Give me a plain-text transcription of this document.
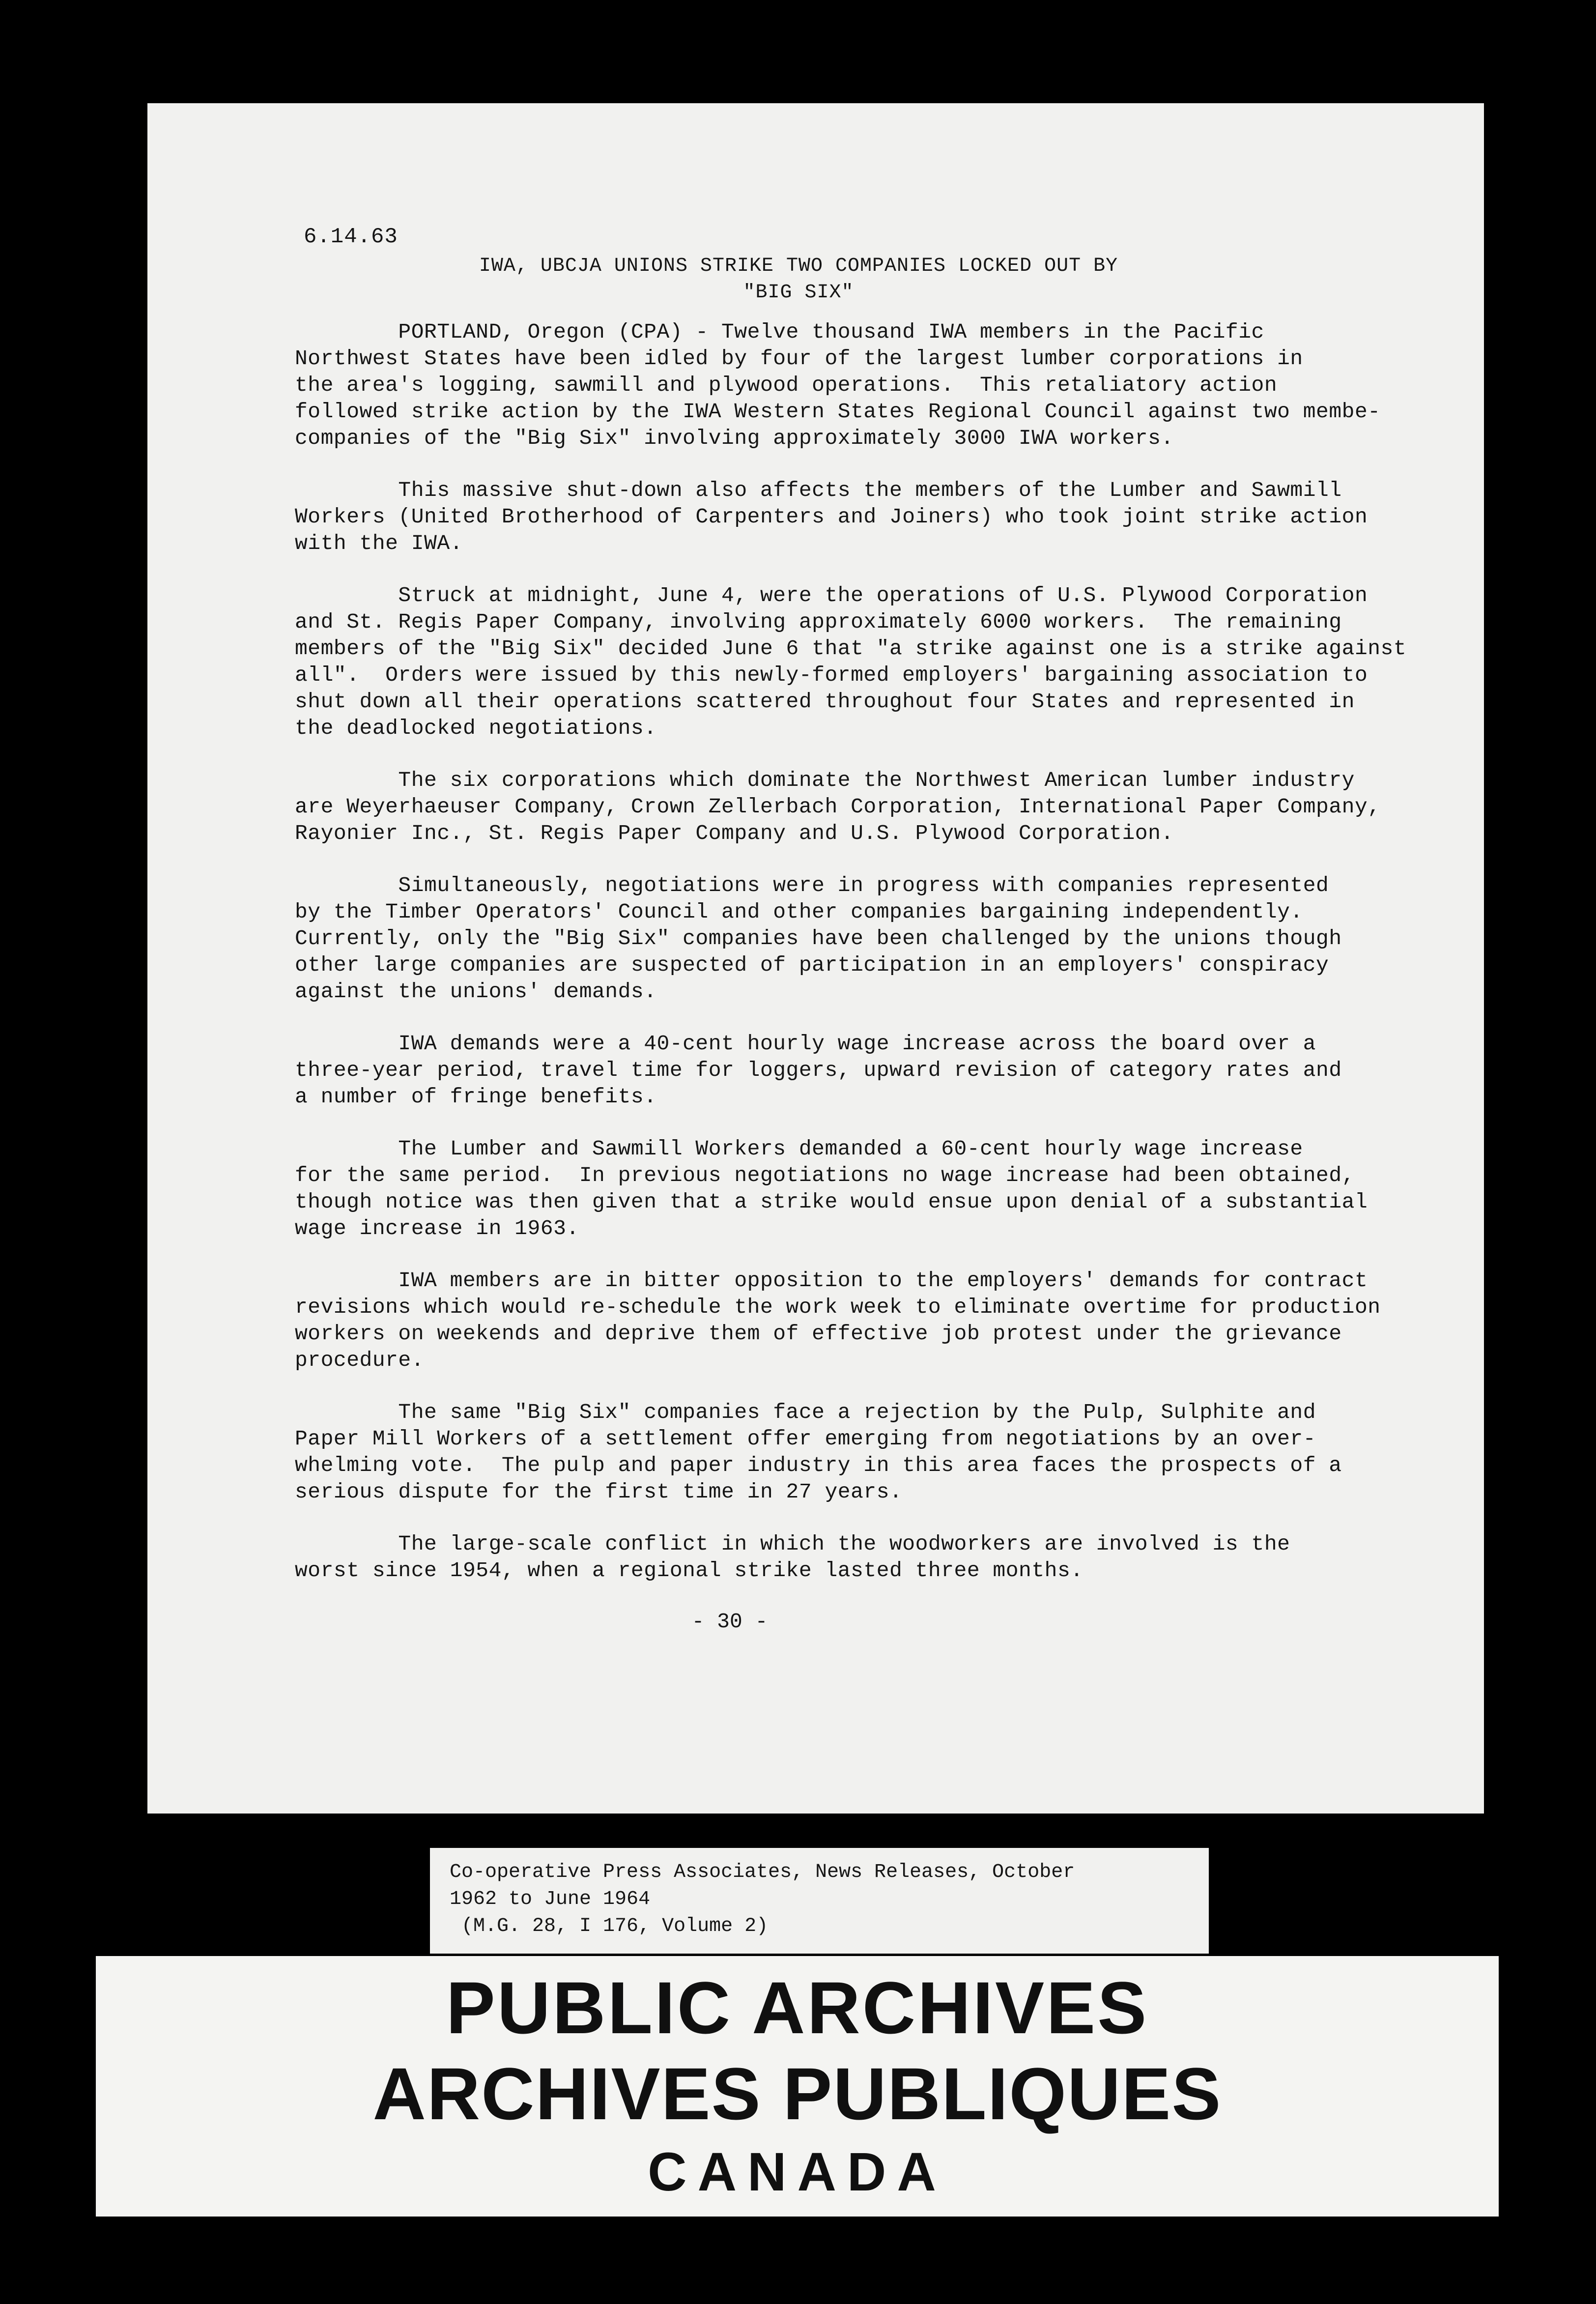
6.14.63
IWA, UBCJA UNIONS STRIKE TWO COMPANIES LOCKED OUT BY
"BIG SIX"

PORTLAND, Oregon (CPA) - Twelve thousand IWA members in the Pacific
Northwest States have been idled by four of the largest lumber corporations in
the area's logging, sawmill and plywood operations.  This retaliatory action
followed strike action by the IWA Western States Regional Council against two membe-
companies of the "Big Six" involving approximately 3000 IWA workers.

This massive shut-down also affects the members of the Lumber and Sawmill
Workers (United Brotherhood of Carpenters and Joiners) who took joint strike action
with the IWA.

Struck at midnight, June 4, were the operations of U.S. Plywood Corporation
and St. Regis Paper Company, involving approximately 6000 workers.  The remaining
members of the "Big Six" decided June 6 that "a strike against one is a strike against
all".  Orders were issued by this newly-formed employers' bargaining association to
shut down all their operations scattered throughout four States and represented in
the deadlocked negotiations.

The six corporations which dominate the Northwest American lumber industry
are Weyerhaeuser Company, Crown Zellerbach Corporation, International Paper Company,
Rayonier Inc., St. Regis Paper Company and U.S. Plywood Corporation.

Simultaneously, negotiations were in progress with companies represented
by the Timber Operators' Council and other companies bargaining independently.
Currently, only the "Big Six" companies have been challenged by the unions though
other large companies are suspected of participation in an employers' conspiracy
against the unions' demands.

IWA demands were a 40-cent hourly wage increase across the board over a
three-year period, travel time for loggers, upward revision of category rates and
a number of fringe benefits.

The Lumber and Sawmill Workers demanded a 60-cent hourly wage increase
for the same period.  In previous negotiations no wage increase had been obtained,
though notice was then given that a strike would ensue upon denial of a substantial
wage increase in 1963.

IWA members are in bitter opposition to the employers' demands for contract
revisions which would re-schedule the work week to eliminate overtime for production
workers on weekends and deprive them of effective job protest under the grievance
procedure.

The same "Big Six" companies face a rejection by the Pulp, Sulphite and
Paper Mill Workers of a settlement offer emerging from negotiations by an over-
whelming vote.  The pulp and paper industry in this area faces the prospects of a
serious dispute for the first time in 27 years.

The large-scale conflict in which the woodworkers are involved is the
worst since 1954, when a regional strike lasted three months.

- 30 -
Co-operative Press Associates, News Releases, October
1962 to June 1964
(M.G. 28, I 176, Volume 2)
PUBLIC ARCHIVES
ARCHIVES PUBLIQUES
CANADA
